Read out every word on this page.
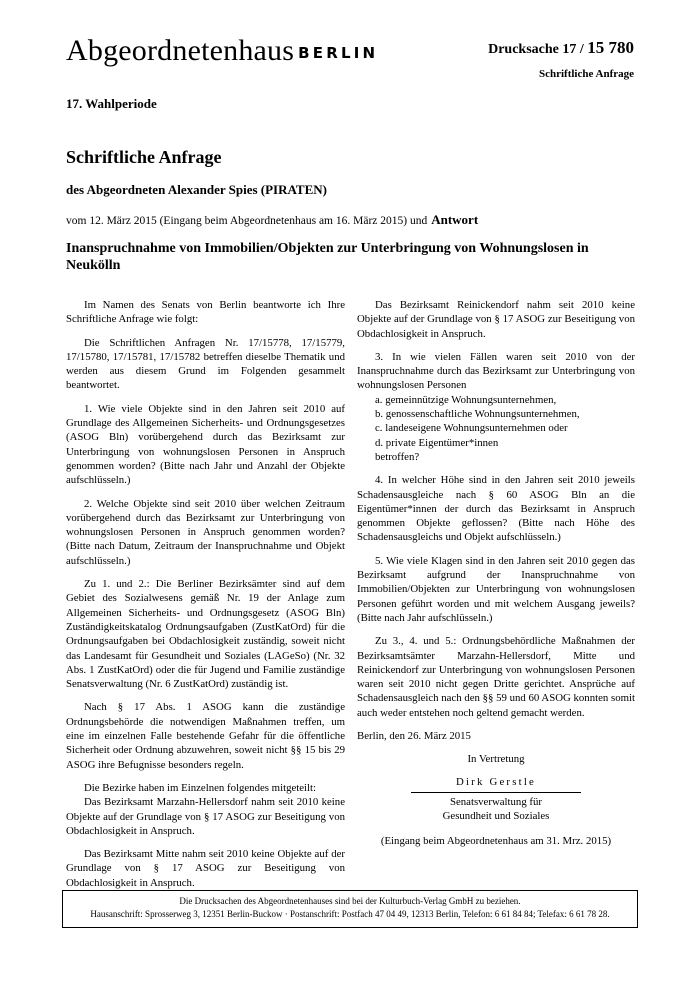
Abgeordnetenhaus BERLIN	Drucksache 17 / 15 780
Schriftliche Anfrage
17. Wahlperiode
Schriftliche Anfrage
des Abgeordneten Alexander Spies (PIRATEN)
vom 12. März 2015 (Eingang beim Abgeordnetenhaus am 16. März 2015) und Antwort
Inanspruchnahme von Immobilien/Objekten zur Unterbringung von Wohnungslosen in Neukölln

Im Namen des Senats von Berlin beantworte ich Ihre Schriftliche Anfrage wie folgt:

Die Schriftlichen Anfragen Nr. 17/15778, 17/15779, 17/15780, 17/15781, 17/15782 betreffen dieselbe Thematik und werden aus diesem Grund im Folgenden gesammelt beantwortet.

1. Wie viele Objekte sind in den Jahren seit 2010 auf Grundlage des Allgemeinen Sicherheits- und Ordnungsgesetzes (ASOG Bln) vorübergehend durch das Bezirksamt zur Unterbringung von wohnungslosen Personen in Anspruch genommen worden? (Bitte nach Jahr und Anzahl der Objekte aufschlüsseln.)

2. Welche Objekte sind seit 2010 über welchen Zeitraum vorübergehend durch das Bezirksamt zur Unterbringung von wohnungslosen Personen in Anspruch genommen worden? (Bitte nach Datum, Zeitraum der Inanspruchnahme und Objekt aufschlüsseln.)

Zu 1. und 2.: Die Berliner Bezirksämter sind auf dem Gebiet des Sozialwesens gemäß Nr. 19 der Anlage zum Allgemeinen Sicherheits- und Ordnungsgesetz (ASOG Bln) Zuständigkeitskatalog Ordnungsaufgaben (ZustKatOrd) für die Ordnungsaufgaben bei Obdachlosigkeit zuständig, soweit nicht das Landesamt für Gesundheit und Soziales (LAGeSo) (Nr. 32 Abs. 1 ZustKatOrd) oder die für Jugend und Familie zuständige Senatsverwaltung (Nr. 6 ZustKatOrd) zuständig ist.

Nach § 17 Abs. 1 ASOG kann die zuständige Ordnungsbehörde die notwendigen Maßnahmen treffen, um eine im einzelnen Falle bestehende Gefahr für die öffentliche Sicherheit oder Ordnung abzuwehren, soweit nicht §§ 15 bis 29 ASOG ihre Befugnisse besonders regeln.

Die Bezirke haben im Einzelnen folgendes mitgeteilt:

Das Bezirksamt Marzahn-Hellersdorf nahm seit 2010 keine Objekte auf der Grundlage von § 17 ASOG zur Beseitigung von Obdachlosigkeit in Anspruch.

Das Bezirksamt Mitte nahm seit 2010 keine Objekte auf der Grundlage von § 17 ASOG zur Beseitigung von Obdachlosigkeit in Anspruch.

Das Bezirksamt Reinickendorf nahm seit 2010 keine Objekte auf der Grundlage von § 17 ASOG zur Beseitigung von Obdachlosigkeit in Anspruch.

3. In wie vielen Fällen waren seit 2010 von der Inanspruchnahme durch das Bezirksamt zur Unterbringung von wohnungslosen Personen

a. gemeinnützige Wohnungsunternehmen,
b. genossenschaftliche Wohnungsunternehmen,
c. landeseigene Wohnungsunternehmen oder
d. private Eigentümer*innen
betroffen?

4. In welcher Höhe sind in den Jahren seit 2010 jeweils Schadensausgleiche nach § 60 ASOG Bln an die Eigentümer*innen der durch das Bezirksamt in Anspruch genommen Objekte geflossen? (Bitte nach Höhe des Schadensausgleichs und Objekt aufschlüsseln.)

5. Wie viele Klagen sind in den Jahren seit 2010 gegen das Bezirksamt aufgrund der Inanspruchnahme von Immobilien/Objekten zur Unterbringung von wohnungslosen Personen geführt worden und mit welchem Ausgang jeweils? (Bitte nach Jahr aufschlüsseln.)

Zu 3., 4. und 5.: Ordnungsbehördliche Maßnahmen der Bezirksamtsämter Marzahn-Hellersdorf, Mitte und Reinickendorf zur Unterbringung von wohnungslosen Personen waren seit 2010 nicht gegen Dritte gerichtet. Ansprüche auf Schadensausgleich nach den §§ 59 und 60 ASOG konnten somit auch weder entstehen noch geltend gemacht werden.

Berlin, den 26. März 2015

In Vertretung
Dirk Gerstle
Senatsverwaltung für
Gesundheit und Soziales
(Eingang beim Abgeordnetenhaus am 31. Mrz. 2015)
Die Drucksachen des Abgeordnetenhauses sind bei der Kulturbuch-Verlag GmbH zu beziehen.
Hausanschrift: Sprosserweg 3, 12351 Berlin-Buckow · Postanschrift: Postfach 47 04 49, 12313 Berlin, Telefon: 6 61 84 84; Telefax: 6 61 78 28.
